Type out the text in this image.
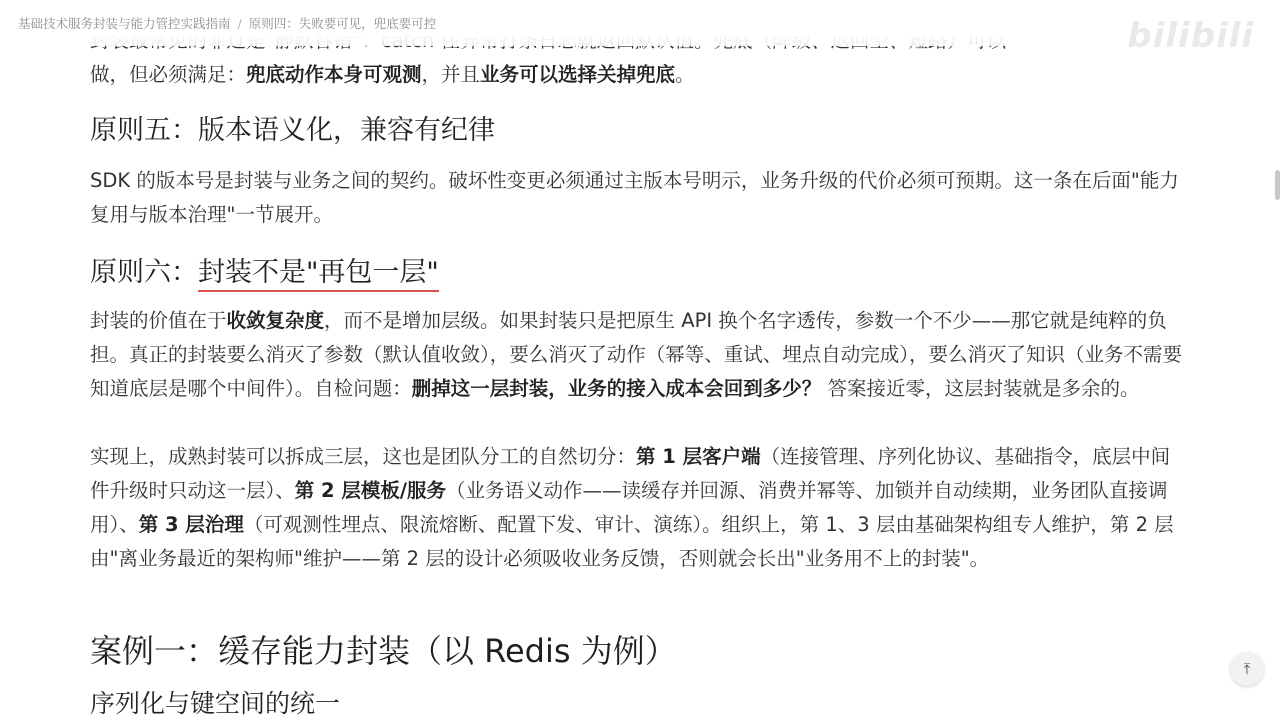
基础技术服务封装与能力管控实践指南 / 原则四：失败要可见，兜底要可控	bilibili

做，但必须满足：兜底动作本身可观测，并且业务可以选择关掉兜底。

原则五：版本语义化，兼容有纪律

SDK 的版本号是封装与业务之间的契约。破坏性变更必须通过主版本号明示，业务升级的代价必须可预期。这一条在后面"能力复用与版本治理"一节展开。

原则六：封装不是"再包一层"

封装的价值在于收敛复杂度，而不是增加层级。如果封装只是把原生 API 换个名字透传，参数一个不少——那它就是纯粹的负担。真正的封装要么消灭了参数（默认值收敛），要么消灭了动作（幂等、重试、埋点自动完成），要么消灭了知识（业务不需要知道底层是哪个中间件）。自检问题：删掉这一层封装，业务的接入成本会回到多少？ 答案接近零，这层封装就是多余的。

实现上，成熟封装可以拆成三层，这也是团队分工的自然切分：第 1 层客户端（连接管理、序列化协议、基础指令，底层中间件升级时只动这一层）、第 2 层模板/服务（业务语义动作——读缓存并回源、消费并幂等、加锁并自动续期，业务团队直接调用）、第 3 层治理（可观测性埋点、限流熔断、配置下发、审计、演练）。组织上，第 1、3 层由基础架构组专人维护，第 2 层由"离业务最近的架构师"维护——第 2 层的设计必须吸收业务反馈，否则就会长出"业务用不上的封装"。

案例一：缓存能力封装（以 Redis 为例）
序列化与键空间的统一
⤒
